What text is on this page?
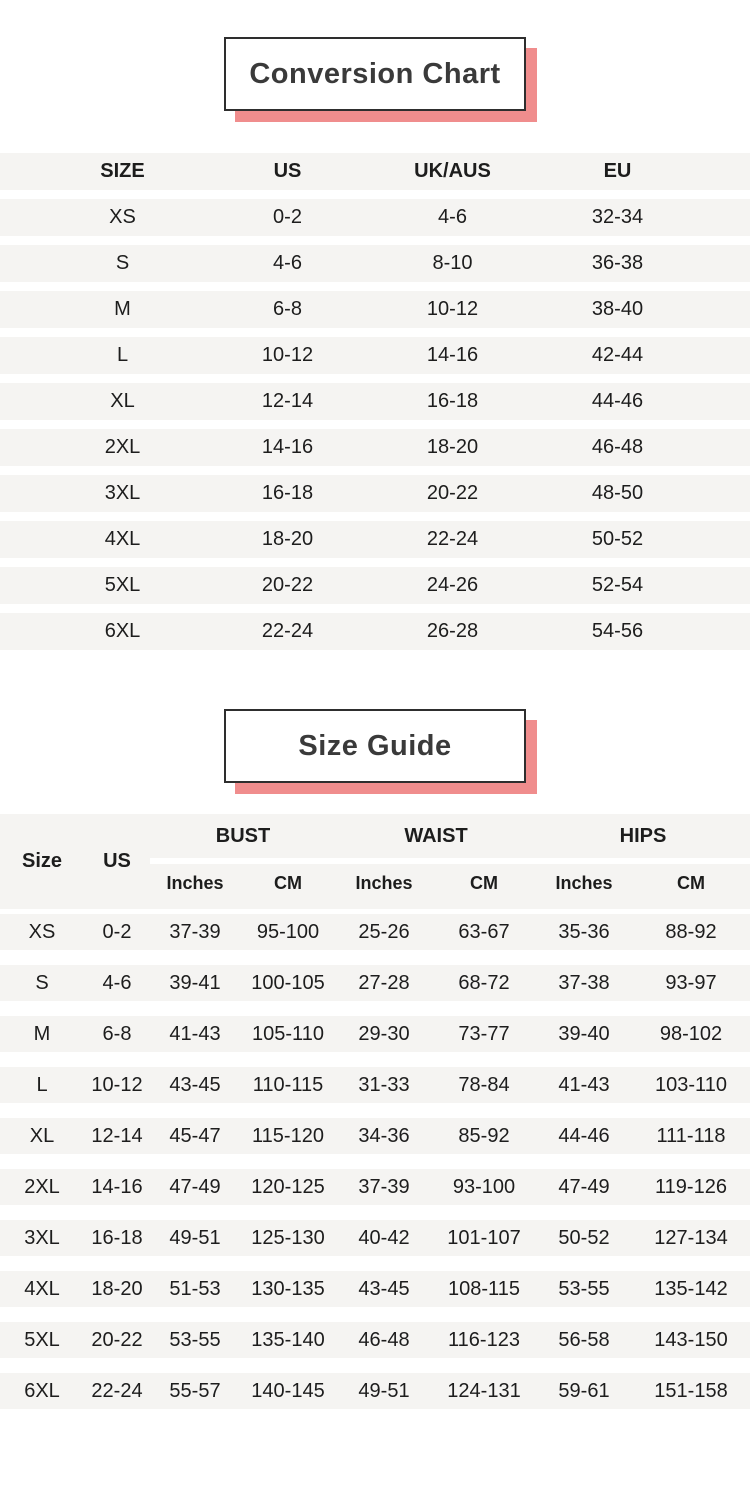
Conversion Chart
SIZE	US	UK/AUS	EU
XS	0-2	4-6	32-34
S	4-6	8-10	36-38
M	6-8	10-12	38-40
L	10-12	14-16	42-44
XL	12-14	16-18	44-46
2XL	14-16	18-20	46-48
3XL	16-18	20-22	48-50
4XL	18-20	22-24	50-52
5XL	20-22	24-26	52-54
6XL	22-24	26-28	54-56
Size Guide
Size	US
BUST	WAIST	HIPS
Inches	CM	Inches	CM	Inches	CM
XS	0-2	37-39	95-100	25-26	63-67	35-36	88-92
S	4-6	39-41	100-105	27-28	68-72	37-38	93-97
M	6-8	41-43	105-110	29-30	73-77	39-40	98-102
L	10-12	43-45	110-115	31-33	78-84	41-43	103-110
XL	12-14	45-47	115-120	34-36	85-92	44-46	111-118
2XL	14-16	47-49	120-125	37-39	93-100	47-49	119-126
3XL	16-18	49-51	125-130	40-42	101-107	50-52	127-134
4XL	18-20	51-53	130-135	43-45	108-115	53-55	135-142
5XL	20-22	53-55	135-140	46-48	116-123	56-58	143-150
6XL	22-24	55-57	140-145	49-51	124-131	59-61	151-158
